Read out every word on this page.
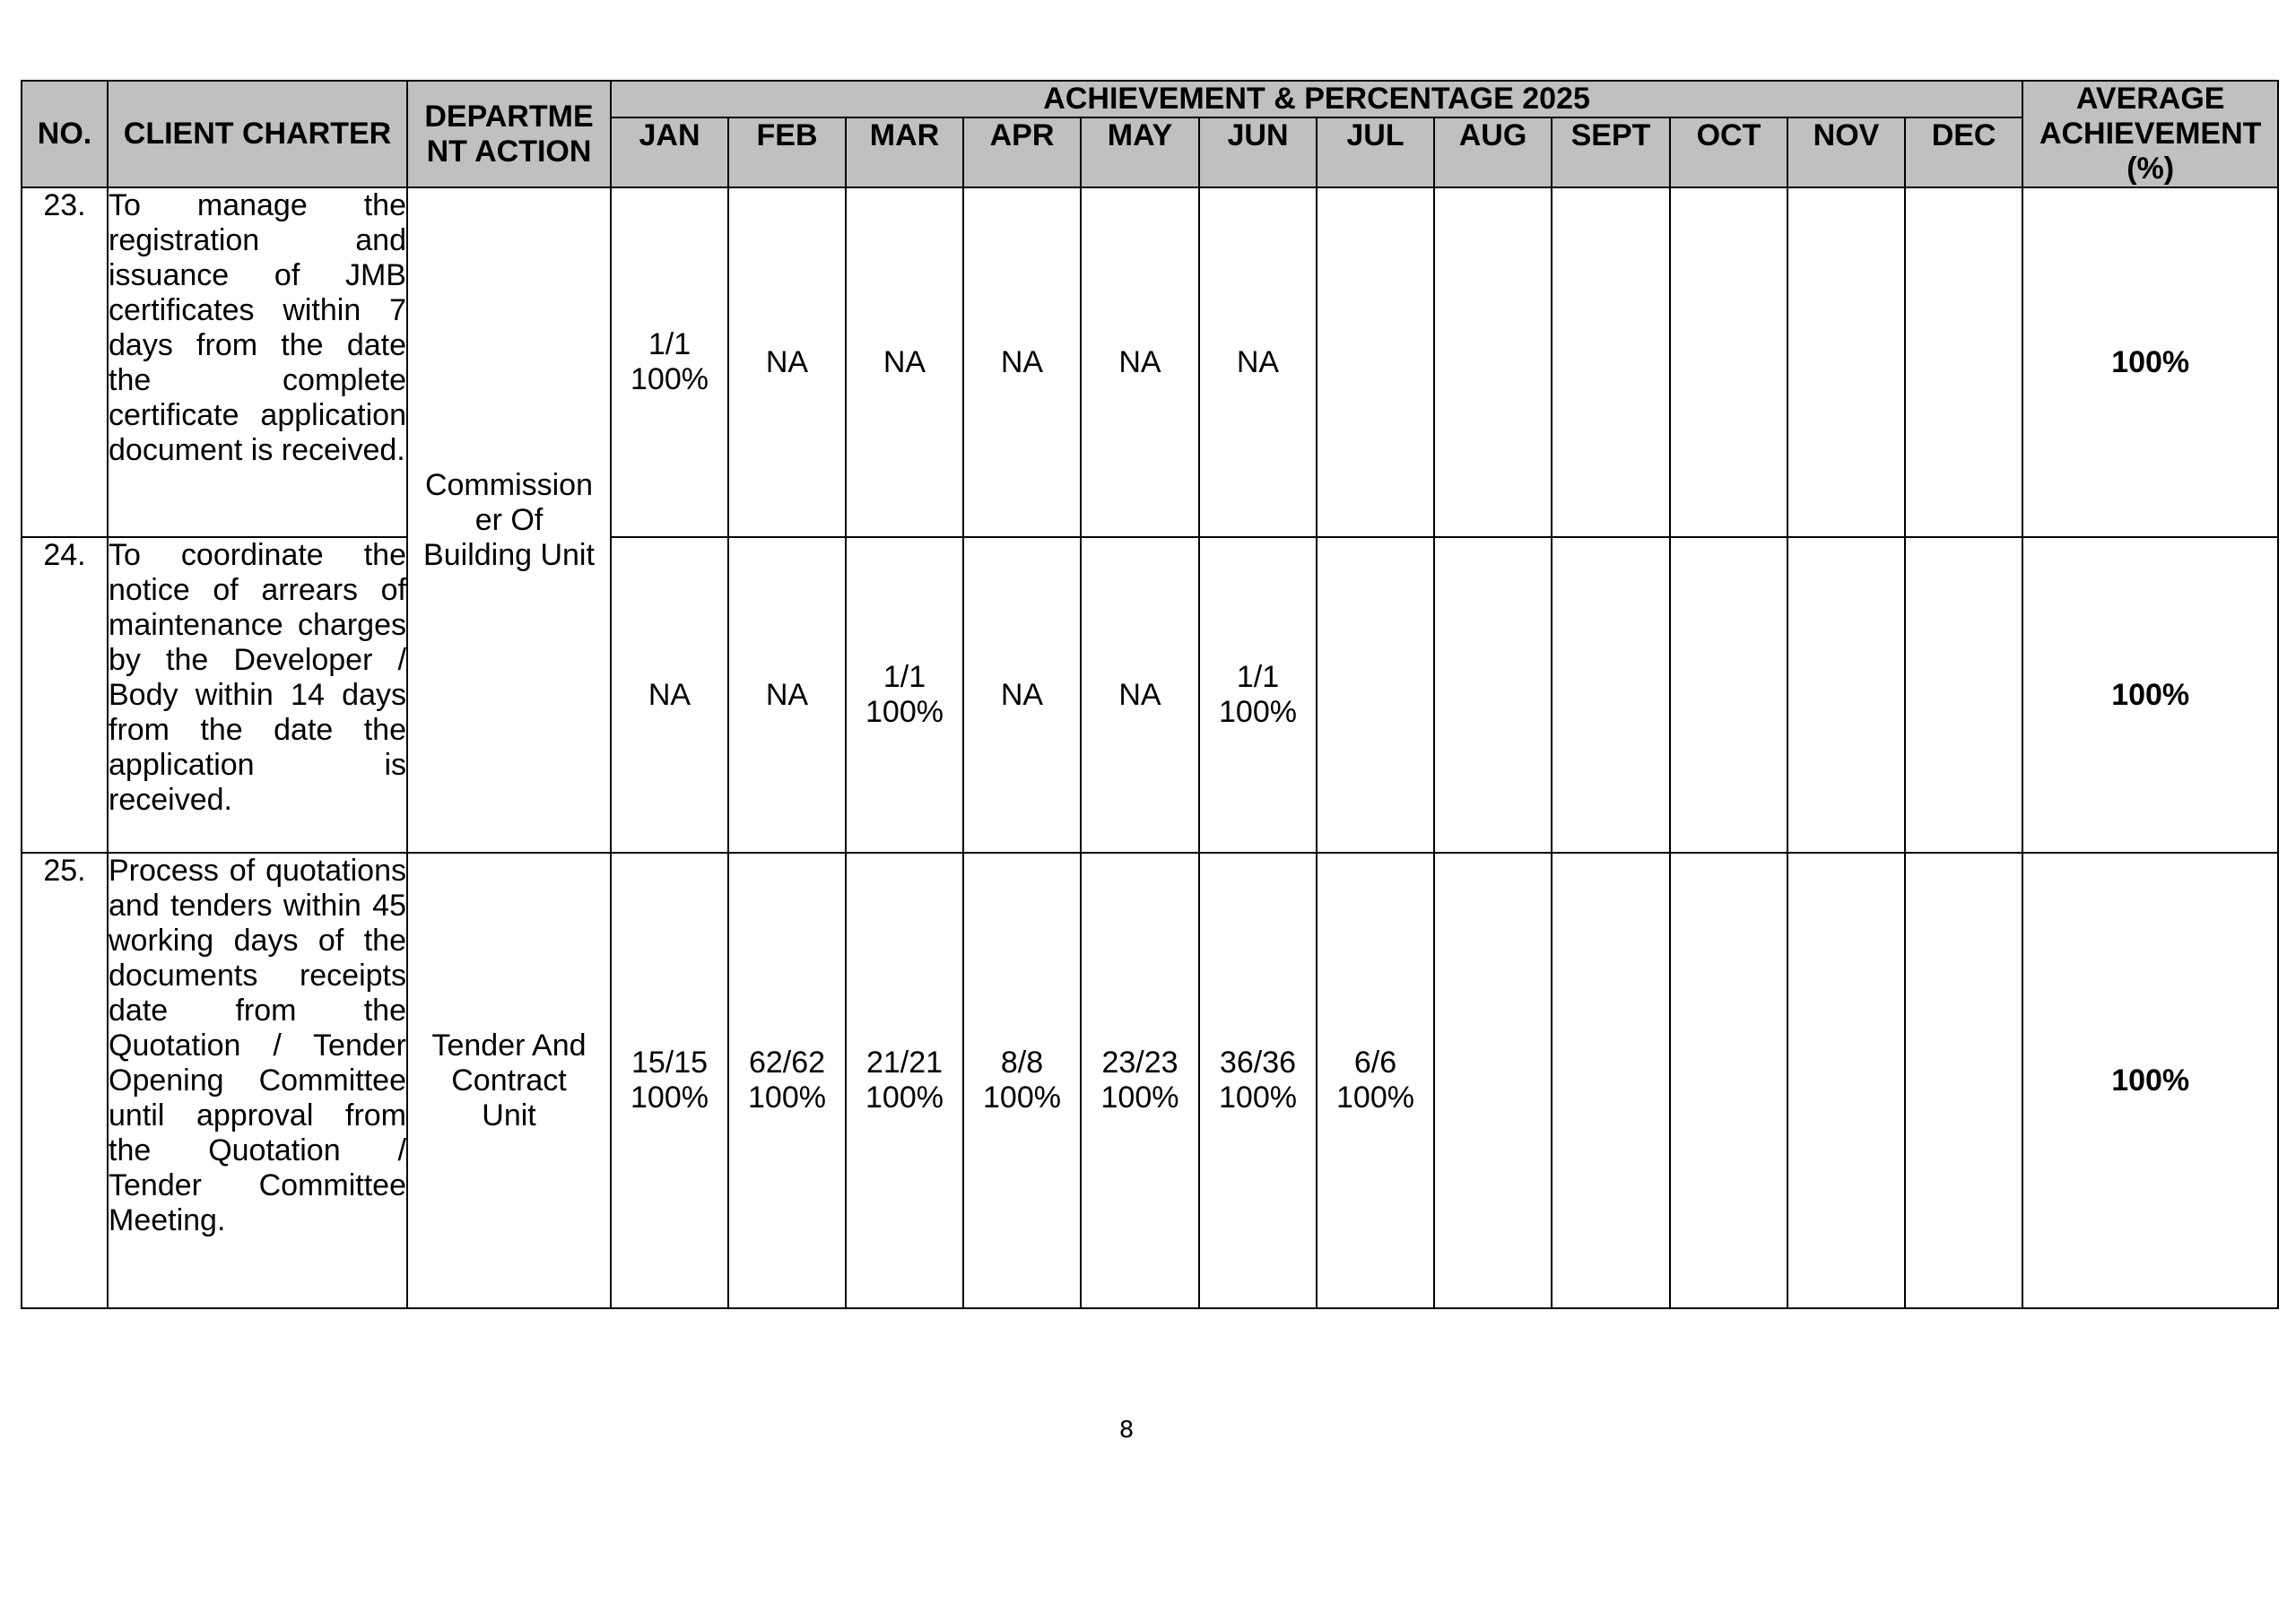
NO.	CLIENT CHARTER	DEPARTME
NT ACTION	ACHIEVEMENT & PERCENTAGE 2025												AVERAGE
ACHIEVEMENT
(%)

			JAN	FEB	MAR	APR	MAY	JUN	JUL	AUG	SEPT	OCT	NOV	DEC	
23.	To manage the registration and issuance of JMB certificates within 7 days from the date the complete certificate application document is received.	Commission
er Of
Building Unit	1/1
100%	NA	NA	NA	NA	NA							100%
24.	To coordinate the notice of arrears of maintenance charges by the Developer / Body within 14 days from the date the application is received.		NA	NA	1/1
100%	NA	NA	1/1
100%							100%
25.	Process of quotations and tenders within 45 working days of the documents receipts date from the Quotation / Tender Opening Committee until approval from the Quotation / Tender Committee Meeting.	Tender And
Contract
Unit	15/15
100%	62/62
100%	21/21
100%	8/8
100%	23/23
100%	36/36
100%	6/6
100%						100%
8
